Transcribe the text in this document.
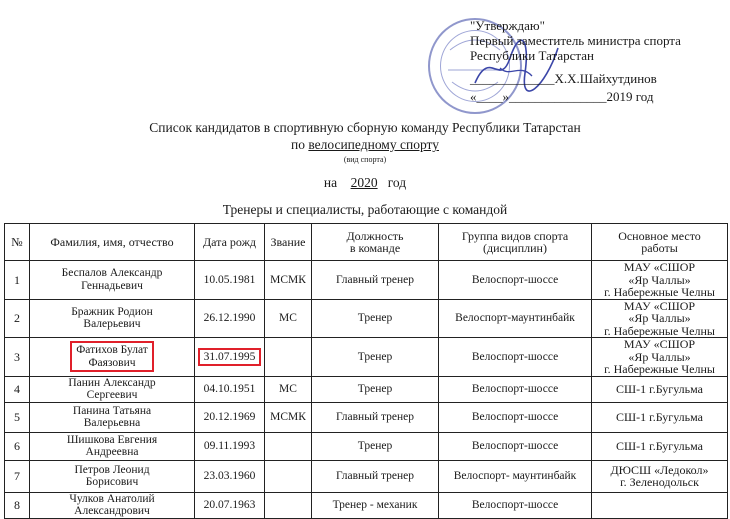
"Утверждаю"
Первый заместитель министра спорта
Республики Татарстан
_____________Х.Х.Шайхутдинов
«____»_______________2019 год
Список кандидатов в спортивную сборную команду Республики Татарстан
по велосипедному спорту
(вид спорта)
на 2020 год
Тренеры и специалисты, работающие с командой
№	Фамилия, имя, отчество	Дата рожд	Звание	Должность
в команде	Группа видов спорта
(дисциплин)	Основное место
работы
1	Беспалов Александр
Геннадьевич	10.05.1981	МСМК	Главный тренер	Велоспорт-шоссе	МАУ «СШОР
«Яр Чаллы»
г. Набережные Челны
2	Бражник Родион
Валерьевич	26.12.1990	МС	Тренер	Велоспорт-маунтинбайк	МАУ «СШОР
«Яр Чаллы»
г. Набережные Челны
3	Фатихов Булат
Фаязович	31.07.1995		Тренер	Велоспорт-шоссе	МАУ «СШОР
«Яр Чаллы»
г. Набережные Челны
4	Панин Александр
Сергеевич	04.10.1951	МС	Тренер	Велоспорт-шоссе	СШ-1 г.Бугульма
5	Панина Татьяна
Валерьевна	20.12.1969	МСМК	Главный тренер	Велоспорт-шоссе	СШ-1 г.Бугульма
6	Шишкова Евгения
Андреевна	09.11.1993		Тренер	Велоспорт-шоссе	СШ-1 г.Бугульма
7	Петров Леонид
Борисович	23.03.1960		Главный тренер	Велоспорт- маунтинбайк	ДЮСШ «Ледокол»
г. Зеленодольск
8	Чулков Анатолий
Александрович	20.07.1963		Тренер - механик	Велоспорт-шоссе	
